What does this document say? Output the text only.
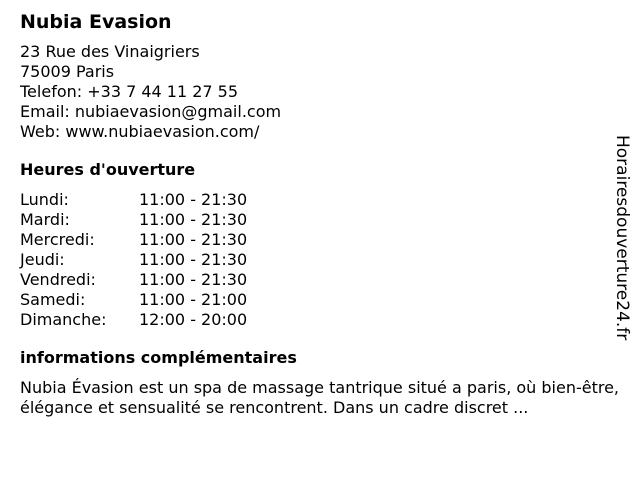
Nubia Evasion
23 Rue des Vinaigriers
75009 Paris
Telefon: +33 7 44 11 27 55
Email: nubiaevasion@gmail.com
Web: www.nubiaevasion.com/
Heures d'ouverture
Lundi:	11:00 - 21:30
Mardi:	11:00 - 21:30
Mercredi:	11:00 - 21:30
Jeudi:	11:00 - 21:30
Vendredi:	11:00 - 21:30
Samedi:	11:00 - 21:00
Dimanche:	12:00 - 20:00
informations complémentaires
Nubia Évasion est un spa de massage tantrique situé a paris, où bien-être, élégance et sensualité se rencontrent. Dans un cadre discret ...
Horairesdouverture24.fr
